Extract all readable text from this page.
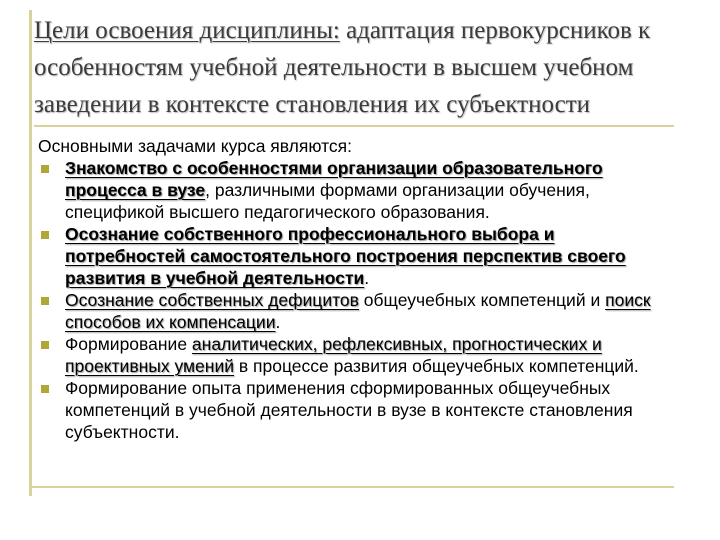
Цели освоения дисциплины: адаптация первокурсников к особенностям учебной деятельности в высшем учебном заведении в контексте становления их субъектности

Основными задачами курса являются:

Знакомство с особенностями организации образовательного процесса в вузе, различными формами организации обучения, спецификой высшего педагогического образования.
Осознание собственного профессионального выбора и потребностей самостоятельного построения перспектив своего развития в учебной деятельности.
Осознание собственных дефицитов общеучебных компетенций и поиск способов их компенсации.
Формирование аналитических, рефлексивных, прогностических и проективных умений в процессе развития общеучебных компетенций.
Формирование опыта применения сформированных общеучебных компетенций в учебной деятельности в вузе в контексте становления субъектности.
